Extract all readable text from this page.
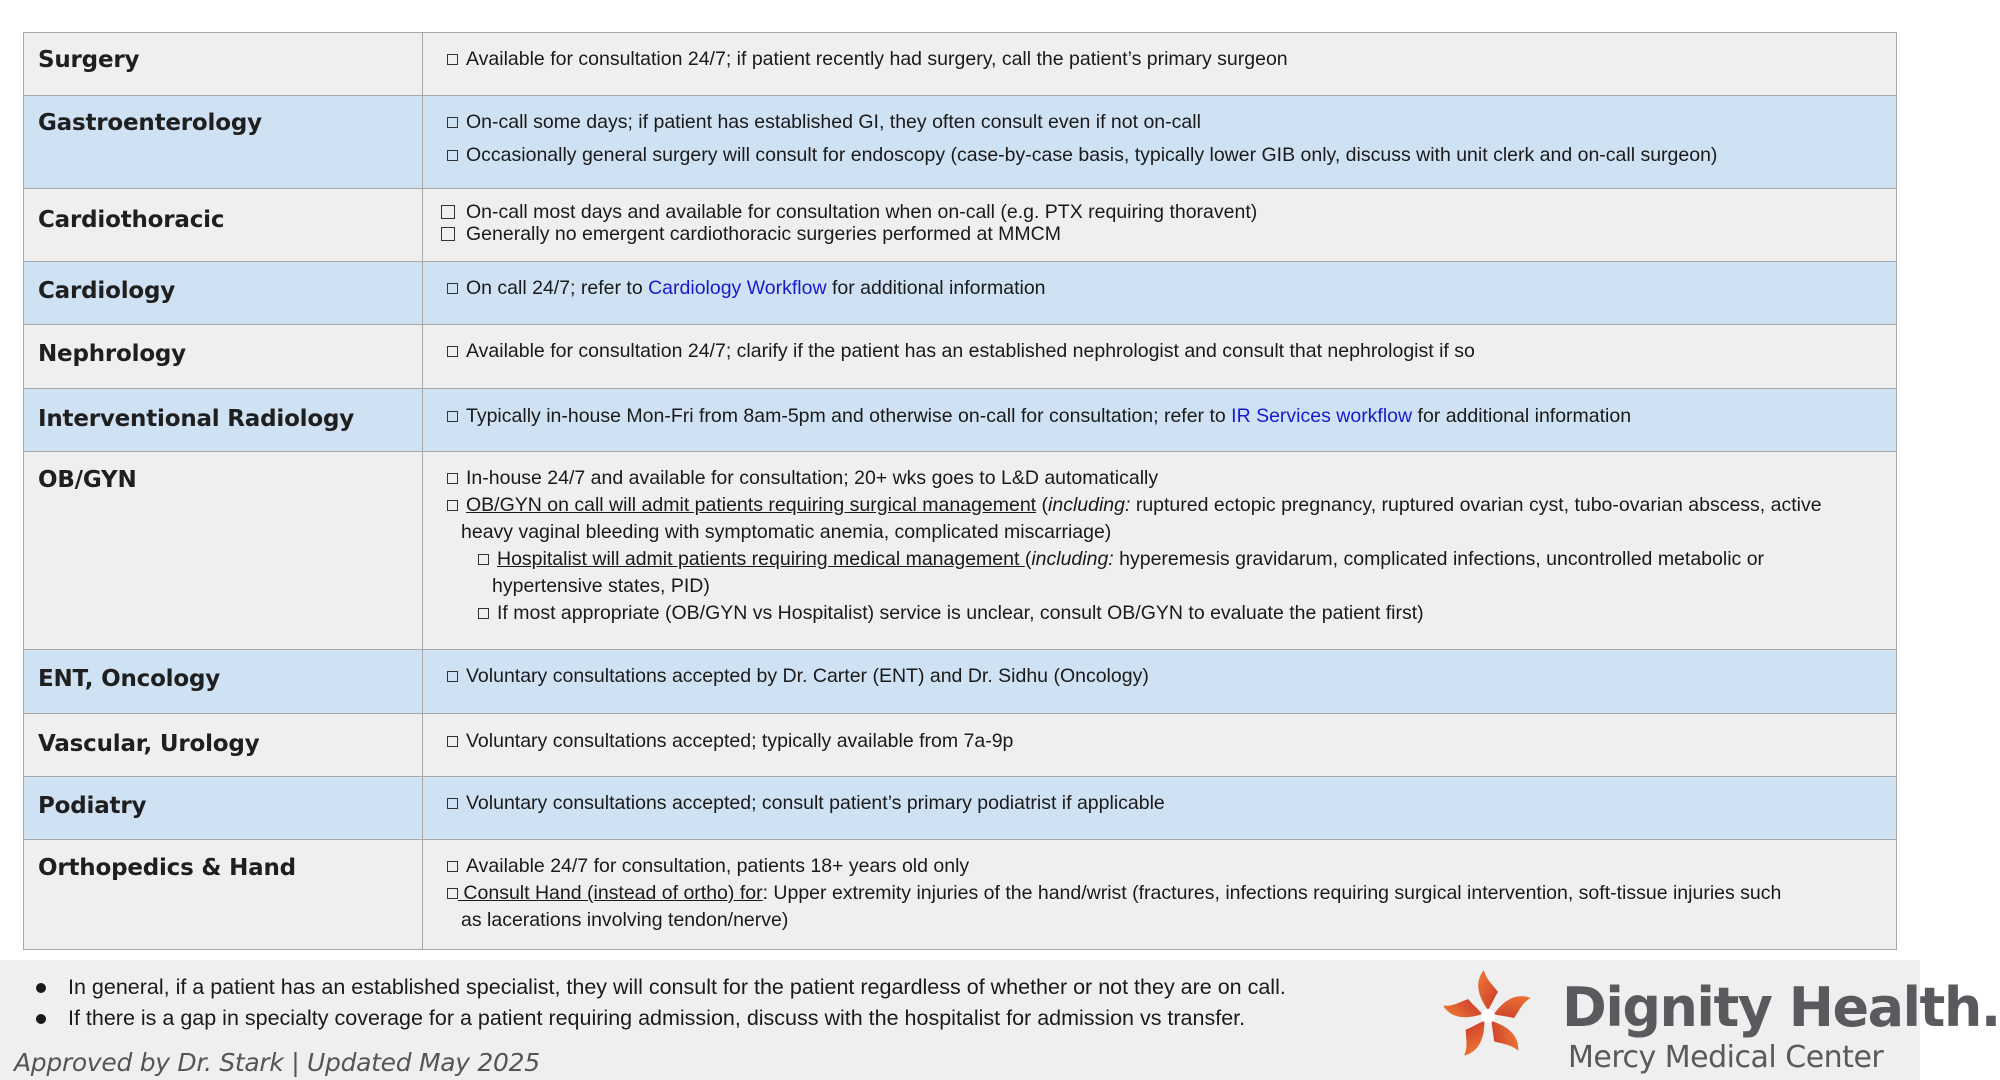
Surgery	Available for consultation 24/7; if patient recently had surgery, call the patient’s primary surgeon
Gastroenterology	On-call some days; if patient has established GI, they often consult even if not on-call
Occasionally general surgery will consult for endoscopy (case-by-case basis, typically lower GIB only, discuss with unit clerk and on-call surgeon)
Cardiothoracic	On-call most days and available for consultation when on-call (e.g. PTX requiring thoravent)
Generally no emergent cardiothoracic surgeries performed at MMCM
Cardiology	On call 24/7; refer to Cardiology Workflow for additional information
Nephrology	Available for consultation 24/7; clarify if the patient has an established nephrologist and consult that nephrologist if so
Interventional Radiology	Typically in-house Mon-Fri from 8am-5pm and otherwise on-call for consultation; refer to IR Services workflow for additional information
OB/GYN	In-house 24/7 and available for consultation; 20+ wks goes to L&D automatically
OB/GYN on call will admit patients requiring surgical management (including: ruptured ectopic pregnancy, ruptured ovarian cyst, tubo-ovarian abscess, active
heavy vaginal bleeding with symptomatic anemia, complicated miscarriage)
Hospitalist will admit patients requiring medical management (including: hyperemesis gravidarum, complicated infections, uncontrolled metabolic or
hypertensive states, PID)
If most appropriate (OB/GYN vs Hospitalist) service is unclear, consult OB/GYN to evaluate the patient first)
ENT, Oncology	Voluntary consultations accepted by Dr. Carter (ENT) and Dr. Sidhu (Oncology)
Vascular, Urology	Voluntary consultations accepted; typically available from 7a-9p
Podiatry	Voluntary consultations accepted; consult patient’s primary podiatrist if applicable
Orthopedics & Hand	Available 24/7 for consultation, patients 18+ years old only
Consult Hand (instead of ortho) for: Upper extremity injuries of the hand/wrist (fractures, infections requiring surgical intervention, soft-tissue injuries such
as lacerations involving tendon/nerve)
In general, if a patient has an established specialist, they will consult for the patient regardless of whether or not they are on call.
If there is a gap in specialty coverage for a patient requiring admission, discuss with the hospitalist for admission vs transfer.
Approved by Dr. Stark | Updated May 2025
Dignity Health.
Mercy Medical Center
